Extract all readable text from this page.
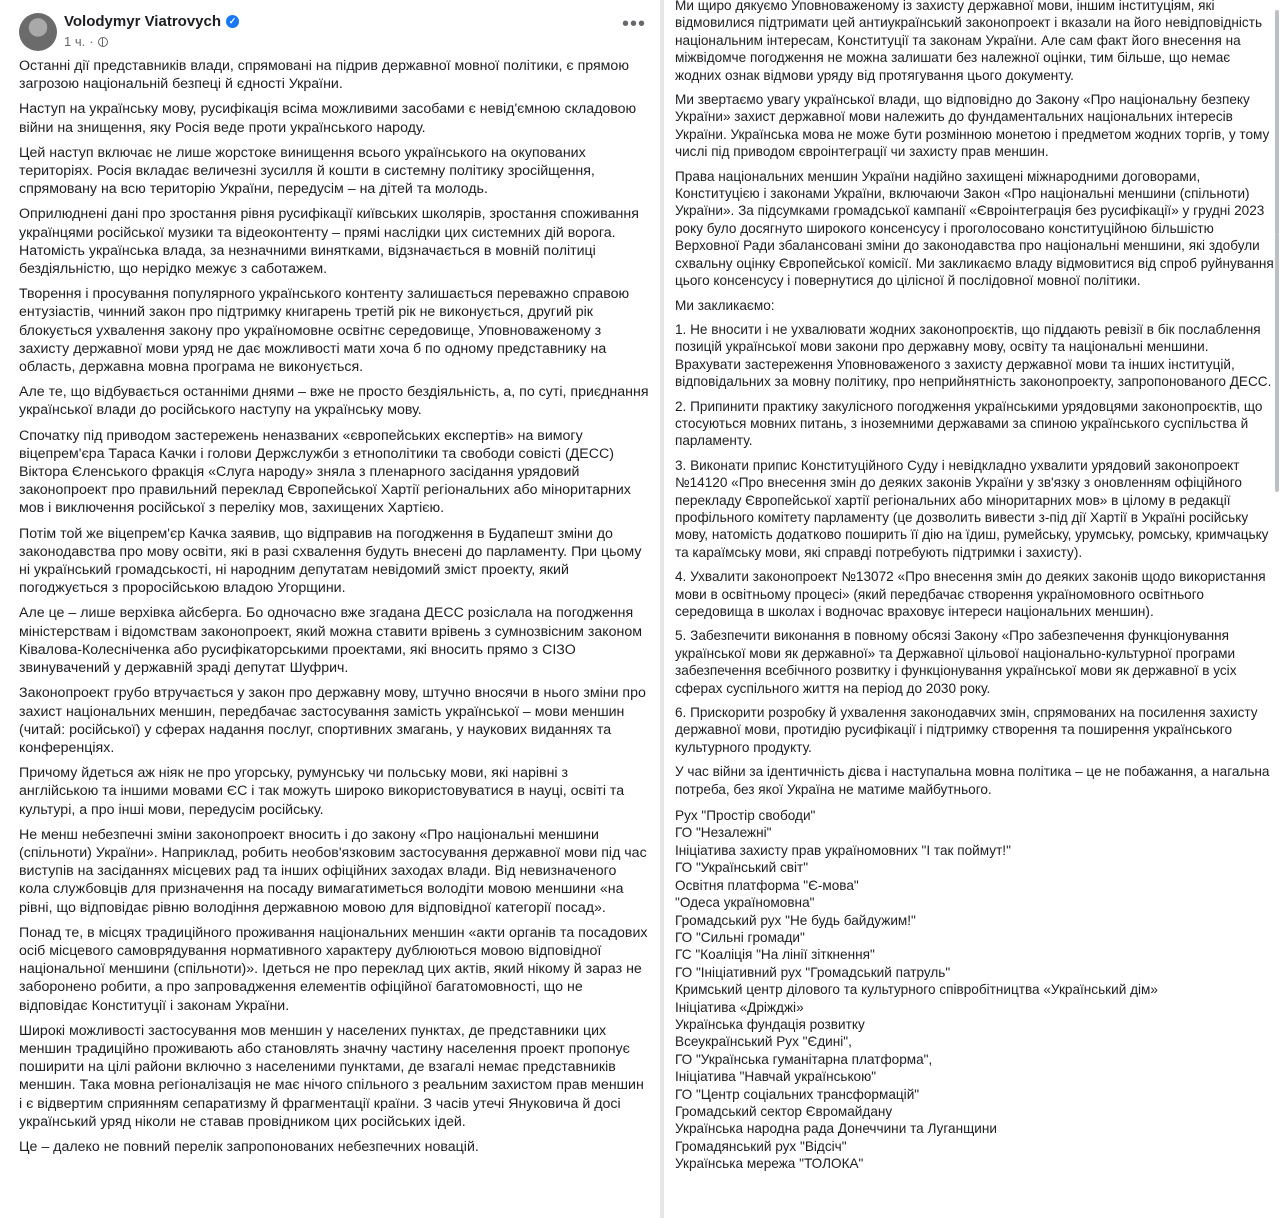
Volodymyr Viatrovych ✓
1 ч. ·
•••

Останні дії представників влади, спрямовані на підрив державної мовної політики, є прямою загрозою національній безпеці й єдності України.

Наступ на українську мову, русифікація всіма можливими засобами є невід'ємною складовою війни на знищення, яку Росія веде проти українського народу.

Цей наступ включає не лише жорстоке винищення всього українського на окупованих територіях. Росія вкладає величезні зусилля й кошти в системну політику зросійщення, спрямовану на всю територію України, передусім – на дітей та молодь.

Оприлюднені дані про зростання рівня русифікації київських школярів, зростання споживання українцями російської музики та відеоконтенту – прямі наслідки цих системних дій ворога. Натомість українська влада, за незначними винятками, відзначається в мовній політиці бездіяльністю, що нерідко межує з саботажем.

Творення і просування популярного українського контенту залишається переважно справою ентузіастів, чинний закон про підтримку книгарень третій рік не виконується, другий рік блокується ухвалення закону про україномовне освітнє середовище, Уповноваженому з захисту державної мови уряд не дає можливості мати хоча б по одному представнику на область, державна мовна програма не виконується.

Але те, що відбувається останніми днями – вже не просто бездіяльність, а, по суті, приєднання української влади до російського наступу на українську мову.

Спочатку під приводом застережень неназваних «європейських експертів» на вимогу віцепрем'єра Тараса Качки і голови Держслужби з етнополітики та свободи совісті (ДЕСС) Віктора Єленського фракція «Слуга народу» зняла з пленарного засідання урядовий законопроект про правильний переклад Європейської Хартії регіональних або міноритарних мов і виключення російської з переліку мов, захищених Хартією.

Потім той же віцепрем'єр Качка заявив, що відправив на погодження в Будапешт зміни до законодавства про мову освіти, які в разі схвалення будуть внесені до парламенту. При цьому ні український громадськості, ні народним депутатам невідомий зміст проекту, який погоджується з проросійською владою Угорщини.

Але це – лише верхівка айсберга. Бо одночасно вже згадана ДЕСС розіслала на погодження міністерствам і відомствам законопроект, який можна ставити врівень з сумнозвісним законом Ківалова-Колесніченка або русифікаторськими проектами, які вносить прямо з СІЗО звинувачений у державній зраді депутат Шуфрич.

Законопроект грубо втручається у закон про державну мову, штучно вносячи в нього зміни про захист національних меншин, передбачає застосування замість української – мови меншин (читай: російської) у сферах надання послуг, спортивних змагань, у наукових виданнях та конференціях.

Причому йдеться аж ніяк не про угорську, румунську чи польську мови, які нарівні з англійською та іншими мовами ЄС і так можуть широко використовуватися в науці, освіті та культурі, а про інші мови, передусім російську.

Не менш небезпечні зміни законопроект вносить і до закону «Про національні меншини (спільноти) України». Наприклад, робить необов'язковим застосування державної мови під час виступів на засіданнях місцевих рад та інших офіційних заходах влади. Від невизначеного кола службовців для призначення на посаду вимагатиметься володіти мовою меншини «на рівні, що відповідає рівню володіння державною мовою для відповідної категорії посад».

Понад те, в місцях традиційного проживання національних меншин «акти органів та посадових осіб місцевого самоврядування нормативного характеру дублюються мовою відповідної національної меншини (спільноти)». Ідеться не про переклад цих актів, який нікому й зараз не заборонено робити, а про запровадження елементів офіційної багатомовності, що не відповідає Конституції і законам України.

Широкі можливості застосування мов меншин у населених пунктах, де представники цих меншин традиційно проживають або становлять значну частину населення проект пропонує поширити на цілі райони включно з населеними пунктами, де взагалі немає представників меншин. Така мовна регіоналізація не має нічого спільного з реальним захистом прав меншин і є відвертим сприянням сепаратизму й фрагментації країни. З часів утечі Януковича й досі український уряд ніколи не ставав провідником цих російських ідей.

Це – далеко не повний перелік запропонованих небезпечних новацій.

Ми щиро дякуємо Уповноваженому із захисту державної мови, іншим інституціям, які відмовилися підтримати цей антиукраїнський законопроект і вказали на його невідповідність національним інтересам, Конституції та законам України. Але сам факт його внесення на міжвідомче погодження не можна залишати без належної оцінки, тим більше, що немає жодних ознак відмови уряду від протягування цього документу.

Ми звертаємо увагу української влади, що відповідно до Закону «Про національну безпеку України» захист державної мови належить до фундаментальних національних інтересів України. Українська мова не може бути розмінною монетою і предметом жодних торгів, у тому числі під приводом євроінтеграції чи захисту прав меншин.

Права національних меншин України надійно захищені міжнародними договорами, Конституцією і законами України, включаючи Закон «Про національні меншини (спільноти) України». За підсумками громадської кампанії «Євроінтеграція без русифікації» у грудні 2023 року було досягнуто широкого консенсусу і проголосовано конституційною більшістю Верховної Ради збалансовані зміни до законодавства про національні меншини, які здобули схвальну оцінку Європейської комісії. Ми закликаємо владу відмовитися від спроб руйнування цього консенсусу і повернутися до цілісної й послідовної мовної політики.

Ми закликаємо:

1. Не вносити і не ухвалювати жодних законопроєктів, що піддають ревізії в бік послаблення позицій української мови закони про державну мову, освіту та національні меншини. Врахувати застереження Уповноваженого з захисту державної мови та інших інституцій, відповідальних за мовну політику, про неприйнятність законопроекту, запропонованого ДЕСС.

2. Припинити практику закулісного погодження українськими урядовцями законопроєктів, що стосуються мовних питань, з іноземними державами за спиною українського суспільства й парламенту.

3. Виконати припис Конституційного Суду і невідкладно ухвалити урядовий законопроект №14120 «Про внесення змін до деяких законів України у зв'язку з оновленням офіційного перекладу Європейської хартії регіональних або міноритарних мов» в цілому в редакції профільного комітету парламенту (це дозволить вивести з-під дії Хартії в Україні російську мову, натомість додатково поширить її дію на їдиш, румейську, урумську, ромську, кримчацьку та караїмську мови, які справді потребують підтримки і захисту).

4. Ухвалити законопроект №13072 «Про внесення змін до деяких законів щодо використання мови в освітньому процесі» (який передбачає створення україномовного освітнього середовища в школах і водночас враховує інтереси національних меншин).

5. Забезпечити виконання в повному обсязі Закону «Про забезпечення функціонування української мови як державної» та Державної цільової національно-культурної програми забезпечення всебічного розвитку і функціонування української мови як державної в усіх сферах суспільного життя на період до 2030 року.

6. Прискорити розробку й ухвалення законодавчих змін, спрямованих на посилення захисту державної мови, протидію русифікації і підтримку створення та поширення українського культурного продукту.

У час війни за ідентичність дієва і наступальна мовна політика – це не побажання, а нагальна потреба, без якої Україна не матиме майбутнього.

Рух "Простір свободи"

ГО "Незалежні"

Ініціатива захисту прав україномовних "І так поймут!"

ГО "Український світ"

Освітня платформа "Є-мова"

"Одеса україномовна"

Громадський рух "Не будь байдужим!"

ГО "Сильні громади"

ГС "Коаліція "На лінії зіткнення"

ГО "Ініціативний рух "Громадський патруль"

Кримський центр ділового та культурного співробітництва «Український дім»

Ініціатива «Дріжджі»

Українська фундація розвитку

Всеукраїнський Рух "Єдині",

ГО "Українська гуманітарна платформа",

Ініціатива "Навчай українською"

ГО "Центр соціальних трансформацій"

Громадський сектор Євромайдану

Українська народна рада Донеччини та Луганщини

Громадянський рух "Відсіч"

Українська мережа "ТОЛОКА"
